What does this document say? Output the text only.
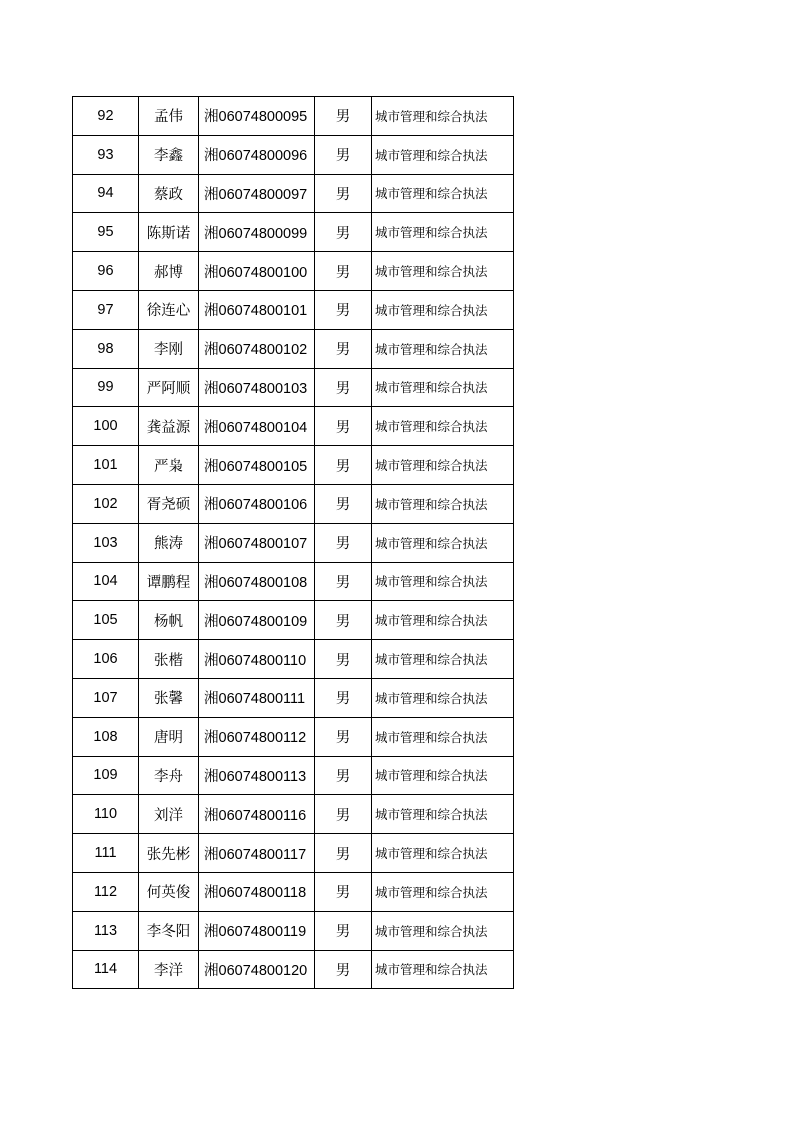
92	孟伟	湘06074800095	男	城市管理和综合执法
93	李鑫	湘06074800096	男	城市管理和综合执法
94	蔡政	湘06074800097	男	城市管理和综合执法
95	陈斯诺	湘06074800099	男	城市管理和综合执法
96	郝博	湘06074800100	男	城市管理和综合执法
97	徐连心	湘06074800101	男	城市管理和综合执法
98	李刚	湘06074800102	男	城市管理和综合执法
99	严阿顺	湘06074800103	男	城市管理和综合执法
100	龚益源	湘06074800104	男	城市管理和综合执法
101	严枭	湘06074800105	男	城市管理和综合执法
102	胥尧硕	湘06074800106	男	城市管理和综合执法
103	熊涛	湘06074800107	男	城市管理和综合执法
104	谭鹏程	湘06074800108	男	城市管理和综合执法
105	杨帆	湘06074800109	男	城市管理和综合执法
106	张楷	湘06074800110	男	城市管理和综合执法
107	张馨	湘06074800111	男	城市管理和综合执法
108	唐明	湘06074800112	男	城市管理和综合执法
109	李舟	湘06074800113	男	城市管理和综合执法
110	刘洋	湘06074800116	男	城市管理和综合执法
111	张先彬	湘06074800117	男	城市管理和综合执法
112	何英俊	湘06074800118	男	城市管理和综合执法
113	李冬阳	湘06074800119	男	城市管理和综合执法
114	李洋	湘06074800120	男	城市管理和综合执法
